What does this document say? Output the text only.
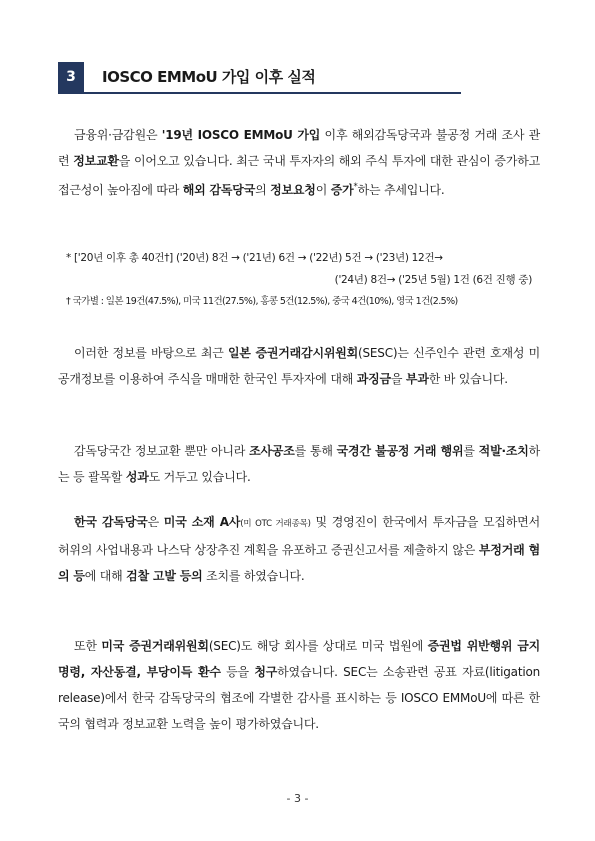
3	IOSCO EMMoU 가입 이후 실적

금융위·금감원은 '19년 IOSCO EMMoU 가입 이후 해외감독당국과 불공정 거래 조사 관련 정보교환을 이어오고 있습니다. 최근 국내 투자자의 해외 주식 투자에 대한 관심이 증가하고 접근성이 높아짐에 따라 해외 감독당국의 정보요청이 증가*하는 추세입니다.

* ['20년 이후 총 40건†] ('20년) 8건 → ('21년) 6건 → ('22년) 5건 → ('23년) 12건→
('24년) 8건→ ('25년 5월) 1건 (6건 진행 중)
† 국가별 : 일본 19건(47.5%), 미국 11건(27.5%), 홍콩 5건(12.5%), 중국 4건(10%), 영국 1건(2.5%)

이러한 정보를 바탕으로 최근 일본 증권거래감시위원회(SESC)는 신주인수 관련 호재성 미공개정보를 이용하여 주식을 매매한 한국인 투자자에 대해 과징금을 부과한 바 있습니다.

감독당국간 정보교환 뿐만 아니라 조사공조를 통해 국경간 불공정 거래 행위를 적발·조치하는 등 괄목할 성과도 거두고 있습니다.

한국 감독당국은 미국 소재 A사(미 OTC 거래종목) 및 경영진이 한국에서 투자금을 모집하면서 허위의 사업내용과 나스닥 상장추진 계획을 유포하고 증권신고서를 제출하지 않은 부정거래 혐의 등에 대해 검찰 고발 등의 조치를 하였습니다.

또한 미국 증권거래위원회(SEC)도 해당 회사를 상대로 미국 법원에 증권법 위반행위 금지 명령, 자산동결, 부당이득 환수 등을 청구하였습니다. SEC는 소송관련 공표 자료(litigation release)에서 한국 감독당국의 협조에 각별한 감사를 표시하는 등 IOSCO EMMoU에 따른 한국의 협력과 정보교환 노력을 높이 평가하였습니다.

- 3 -
